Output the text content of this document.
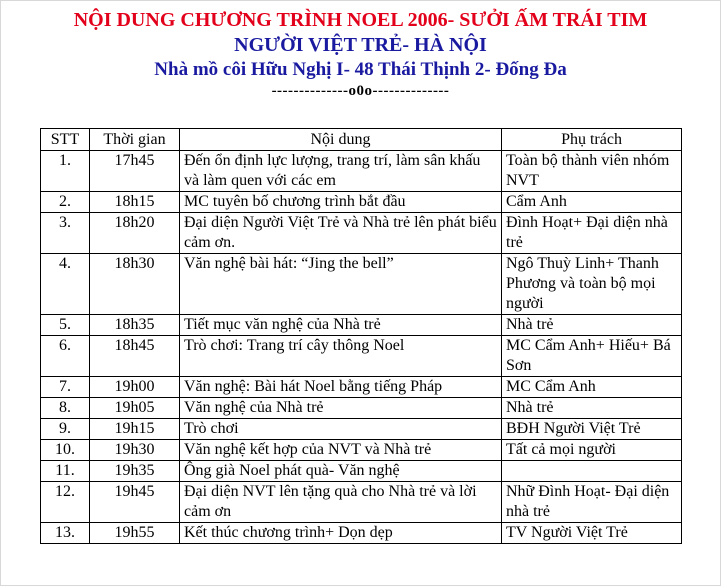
NỘI DUNG CHƯƠNG TRÌNH NOEL 2006- SƯỞI ẤM TRÁI TIM
NGƯỜI VIỆT TRẺ- HÀ NỘI
Nhà mồ côi Hữu Nghị I- 48 Thái Thịnh 2- Đống Đa
--------------o0o--------------
STT	Thời gian	Nội dung	Phụ trách
1.	17h45	Đến ổn định lực lượng, trang trí, làm sân khấu và làm quen với các em	Toàn bộ thành viên nhóm NVT
2.	18h15	MC tuyên bố chương trình bắt đầu	Cẩm Anh
3.	18h20	Đại diện Người Việt Trẻ và Nhà trẻ lên phát biểu cảm ơn.	Đình Hoạt+ Đại diện nhà trẻ
4.	18h30	Văn nghệ bài hát: “Jing the bell”	Ngô Thuỳ Linh+ Thanh Phương và toàn bộ mọi người
5.	18h35	Tiết mục văn nghệ của Nhà trẻ	Nhà trẻ
6.	18h45	Trò chơi: Trang trí cây thông Noel	MC Cẩm Anh+ Hiếu+ Bá Sơn
7.	19h00	Văn nghệ: Bài hát Noel bằng tiếng Pháp	MC Cẩm Anh
8.	19h05	Văn nghệ của Nhà trẻ	Nhà trẻ
9.	19h15	Trò chơi	BĐH Người Việt Trẻ
10.	19h30	Văn nghệ kết hợp của NVT và Nhà trẻ	Tất cả mọi người
11.	19h35	Ông già Noel phát quà- Văn nghệ	
12.	19h45	Đại diện NVT lên tặng quà cho Nhà trẻ và lời cảm ơn	Nhữ Đình Hoạt- Đại diện nhà trẻ
13.	19h55	Kết thúc chương trình+ Dọn dẹp	TV Người Việt Trẻ
